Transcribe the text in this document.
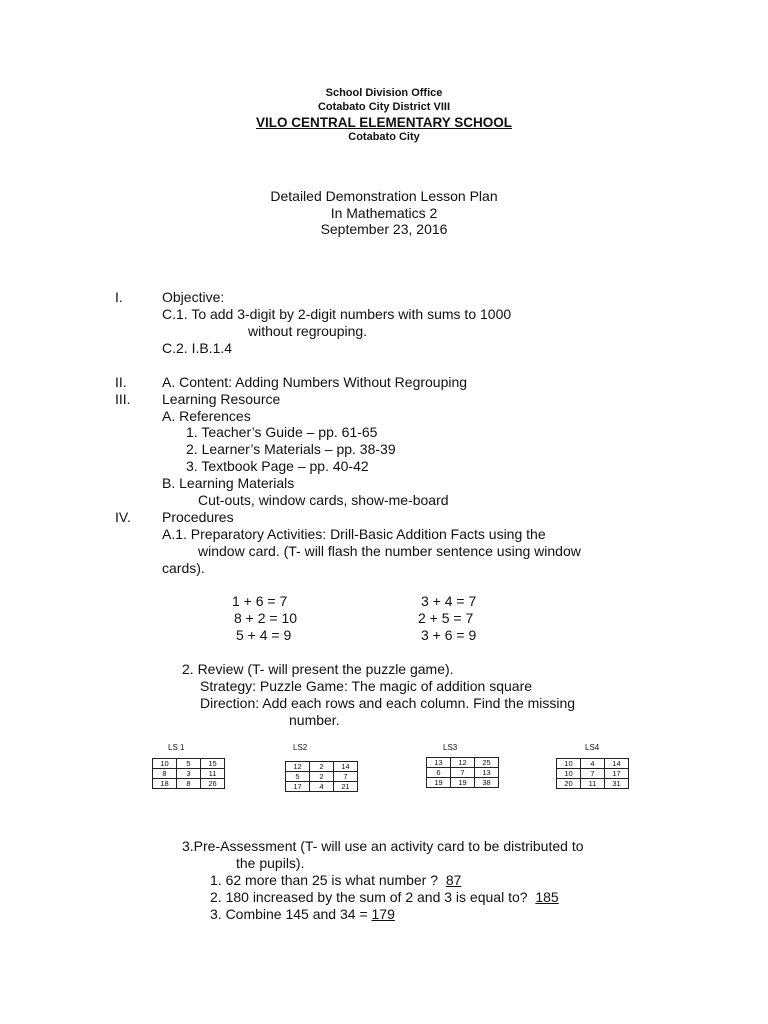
School Division Office
Cotabato City District VIII
VILO CENTRAL ELEMENTARY SCHOOL
Cotabato City
Detailed Demonstration Lesson Plan
In Mathematics 2
September 23, 2016
I.	Objective:
C.1. To add 3-digit by 2-digit numbers with sums to 1000
without regrouping.
C.2. I.B.1.4
II.	A. Content: Adding Numbers Without Regrouping
III. Learning Resource
A. References
1. Teacher’s Guide – pp. 61-65
2. Learner’s Materials – pp. 38-39
3. Textbook Page – pp. 40-42
B. Learning Materials
Cut-outs, window cards, show-me-board
IV. Procedures
A.1. Preparatory Activities: Drill-Basic Addition Facts using the
window card. (T- will flash the number sentence using window
cards).
1 + 6 = 7
8 + 2 = 10
5 + 4 = 9
3 + 4 = 7
2 + 5 = 7
3 + 6 = 9
2. Review (T- will present the puzzle game).
Strategy: Puzzle Game: The magic of addition square
Direction: Add each rows and each column. Find the missing
number.
LS 1
10	5	15
8	3	11
18	8	26
LS2
12	2	14
5	2	7
17	4	21
LS3
13	12	25
6	7	13
19	19	38
LS4
10	4	14
10	7	17
20	11	31
3.Pre-Assessment (T- will use an activity card to be distributed to
the pupils).
1. 62 more than 25 is what number ? 87
2. 180 increased by the sum of 2 and 3 is equal to? 185
3. Combine 145 and 34 = 179
